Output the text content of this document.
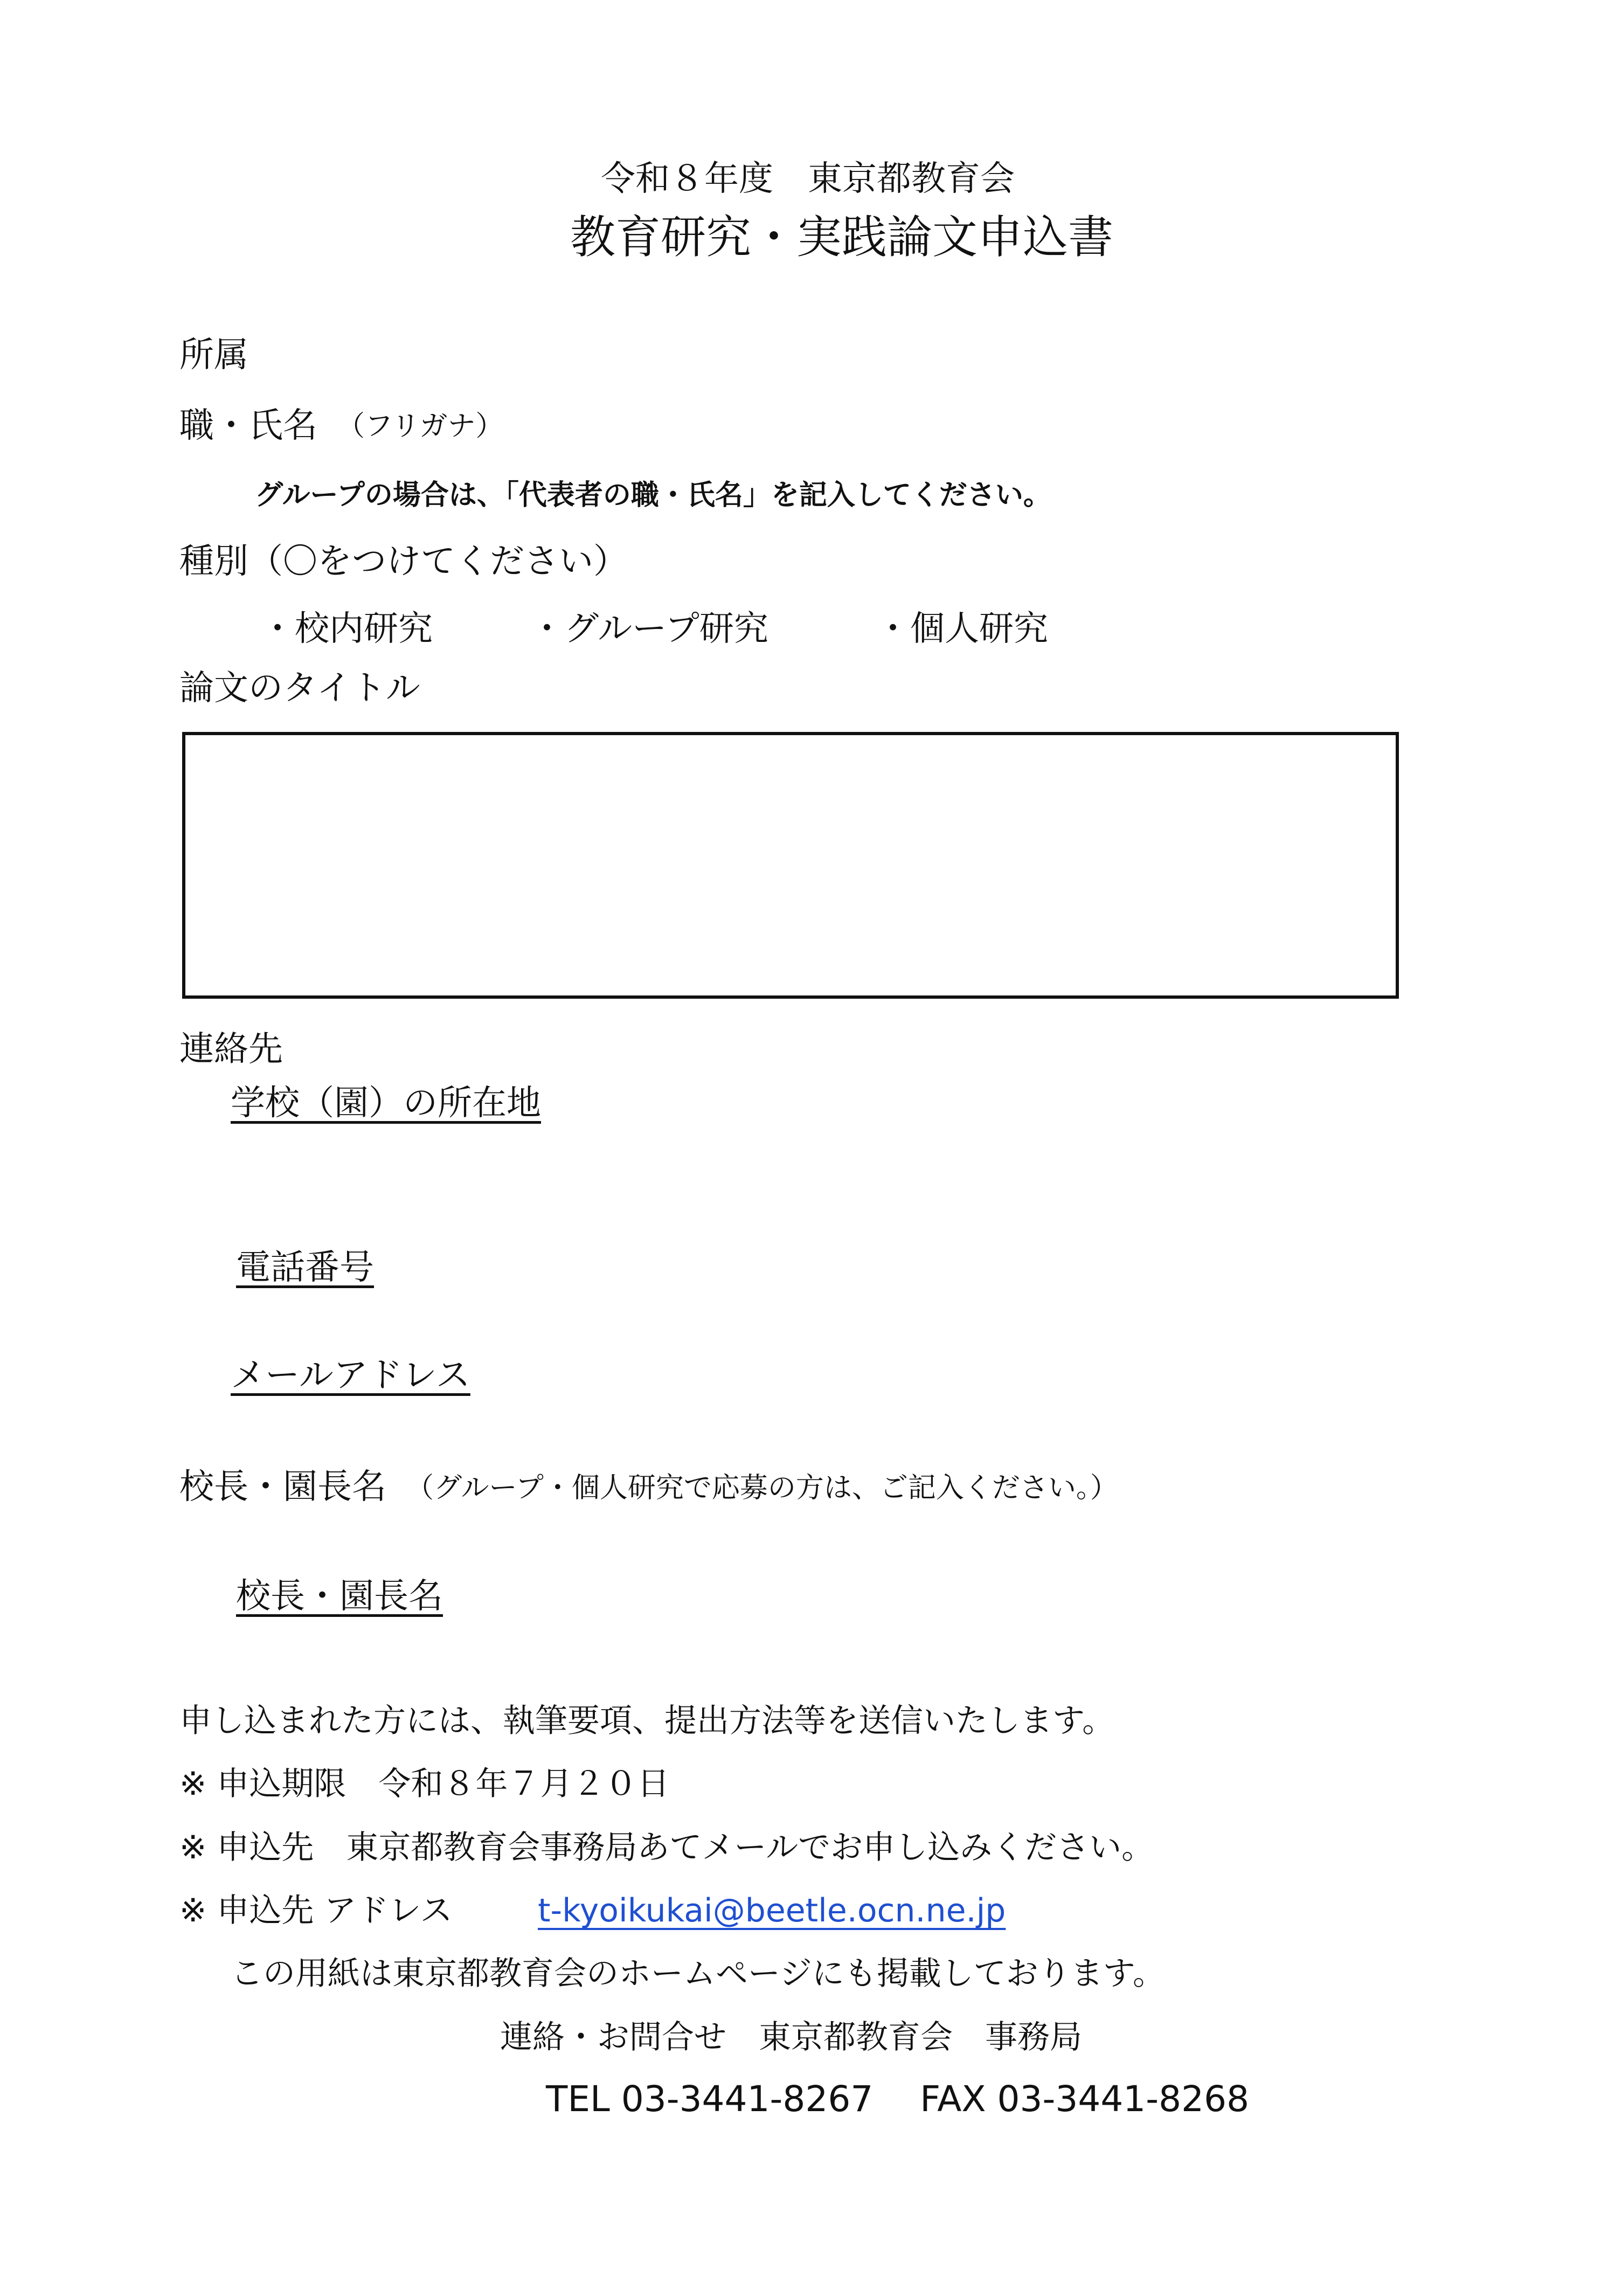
令和８年度　東京都教育会
教育研究・実践論文申込書
所属
職・氏名 （フリガナ）
グループの場合は、「代表者の職・氏名」を記入してください。
種別（〇をつけてください）
・校内研究	・グループ研究	・個人研究
論文のタイトル
連絡先
学校（園）の所在地
電話番号
メールアドレス
校長・園長名 （グループ・個人研究で応募の方は、ご記入ください。）
校長・園長名
申し込まれた方には、執筆要項、提出方法等を送信いたします。
※ 申込期限　令和８年７月２０日
※ 申込先　東京都教育会事務局あてメールでお申し込みください。
※ 申込先 アドレス	t-kyoikukai@beetle.ocn.ne.jp
この用紙は東京都教育会のホームページにも掲載しております。
連絡・お問合せ　東京都教育会　事務局
TEL 03-3441-8267　 FAX 03-3441-8268
